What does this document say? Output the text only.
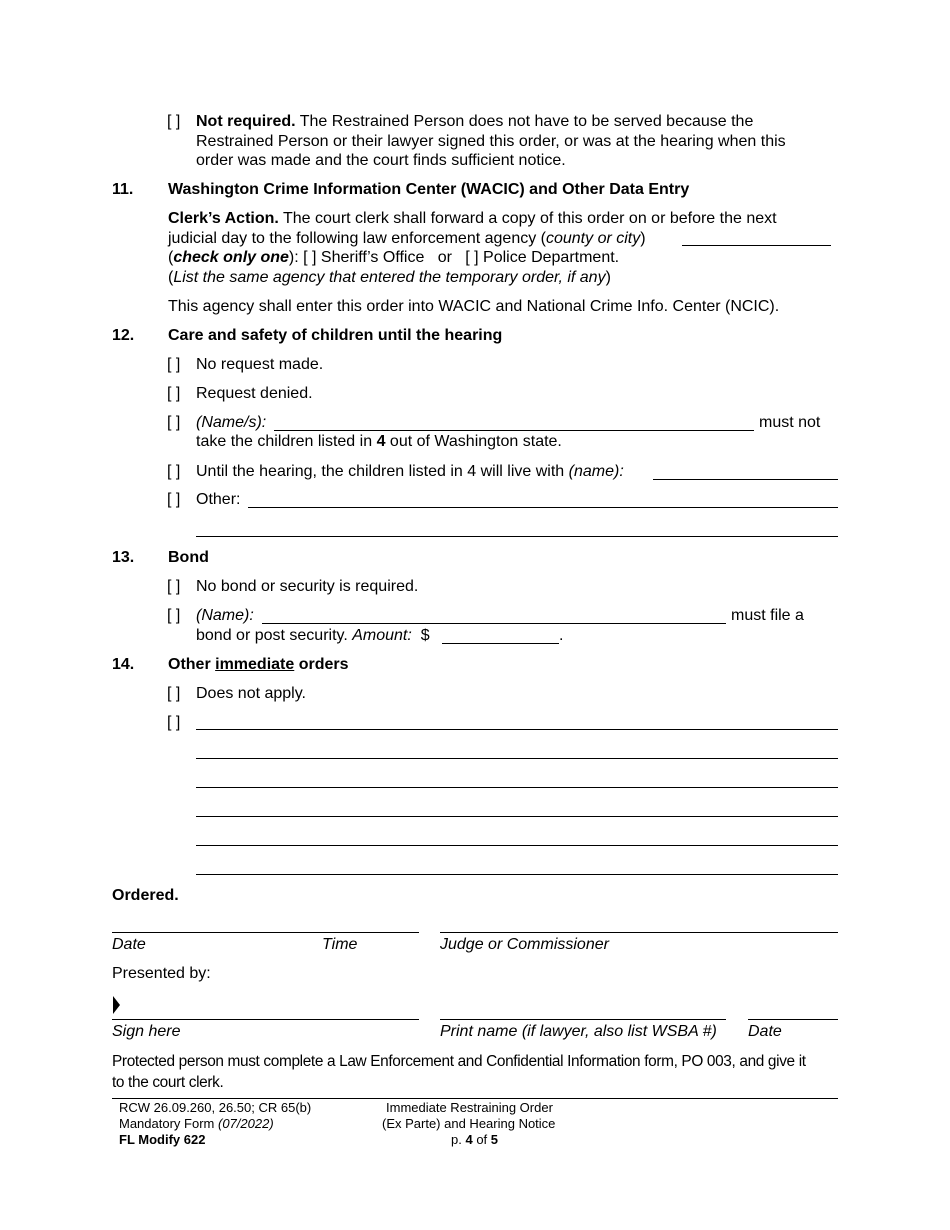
[ ] Not required. The Restrained Person does not have to be served because the
Restrained Person or their lawyer signed this order, or was at the hearing when this
order was made and the court finds sufficient notice.
11. Washington Crime Information Center (WACIC) and Other Data Entry
Clerk’s Action. The court clerk shall forward a copy of this order on or before the next
judicial day to the following law enforcement agency (county or city)
(check only one): [ ] Sheriff’s Office   or   [ ] Police Department.
(List the same agency that entered the temporary order, if any)
This agency shall enter this order into WACIC and National Crime Info. Center (NCIC).
12. Care and safety of children until the hearing
[ ] No request made.
[ ] Request denied.
[ ] (Name/s):	must not
take the children listed in 4 out of Washington state.
[ ] Until the hearing, the children listed in 4 will live with (name):
[ ] Other:
13. Bond
[ ] No bond or security is required.
[ ] (Name):	must file a
bond or post security. Amount: $	.
14. Other immediate orders
[ ] Does not apply.
[ ]
Ordered.
Date	Time	Judge or Commissioner
Presented by:
Sign here	Print name (if lawyer, also list WSBA #) Date
Protected person must complete a Law Enforcement and Confidential Information form, PO 003, and give it
to the court clerk.
RCW 26.09.260, 26.50; CR 65(b)
Mandatory Form (07/2022)
FL Modify 622
Immediate Restraining Order
(Ex Parte) and Hearing Notice
p. 4 of 5
